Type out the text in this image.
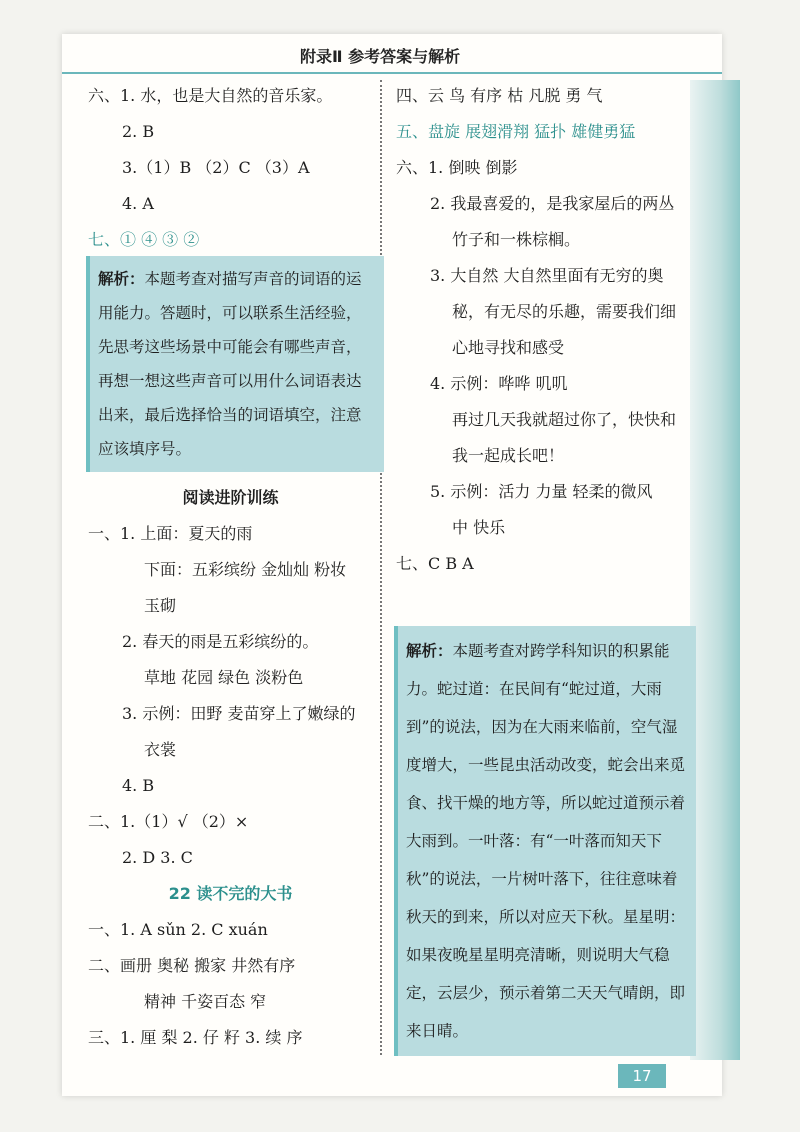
附录Ⅱ 参考答案与解析
六、1. 水，也是大自然的音乐家。
2. B
3.（1）B （2）C （3）A
4. A
七、① ④ ③ ②
解析：本题考查对描写声音的词语的运用能力。答题时，可以联系生活经验，先思考这些场景中可能会有哪些声音，再想一想这些声音可以用什么词语表达出来，最后选择恰当的词语填空，注意应该填序号。
阅读进阶训练
一、1. 上面：夏天的雨
下面：五彩缤纷 金灿灿 粉妆
玉砌
2. 春天的雨是五彩缤纷的。
草地 花园 绿色 淡粉色
3. 示例：田野 麦苗穿上了嫩绿的
衣裳
4. B
二、1.（1）√ （2）×
2. D 3. C
22 读不完的大书
一、1. A sǔn 2. C xuán
二、画册 奥秘 搬家 井然有序
精神 千姿百态 窄
三、1. 厘 梨 2. 仔 籽 3. 续 序
四、云 鸟 有序 枯 凡脱 勇 气
五、盘旋 展翅滑翔 猛扑 雄健勇猛
六、1. 倒映 倒影
2. 我最喜爱的，是我家屋后的两丛
竹子和一株棕榈。
3. 大自然 大自然里面有无穷的奥
秘，有无尽的乐趣，需要我们细
心地寻找和感受
4. 示例：哗哗 叽叽
再过几天我就超过你了，快快和
我一起成长吧！
5. 示例：活力 力量 轻柔的微风
中 快乐
七、C B A
解析：本题考查对跨学科知识的积累能力。蛇过道：在民间有“蛇过道，大雨到”的说法，因为在大雨来临前，空气湿度增大，一些昆虫活动改变，蛇会出来觅食、找干燥的地方等，所以蛇过道预示着大雨到。一叶落：有“一叶落而知天下秋”的说法，一片树叶落下，往往意味着秋天的到来，所以对应天下秋。星星明：如果夜晚星星明亮清晰，则说明大气稳定，云层少，预示着第二天天气晴朗，即来日晴。
17
